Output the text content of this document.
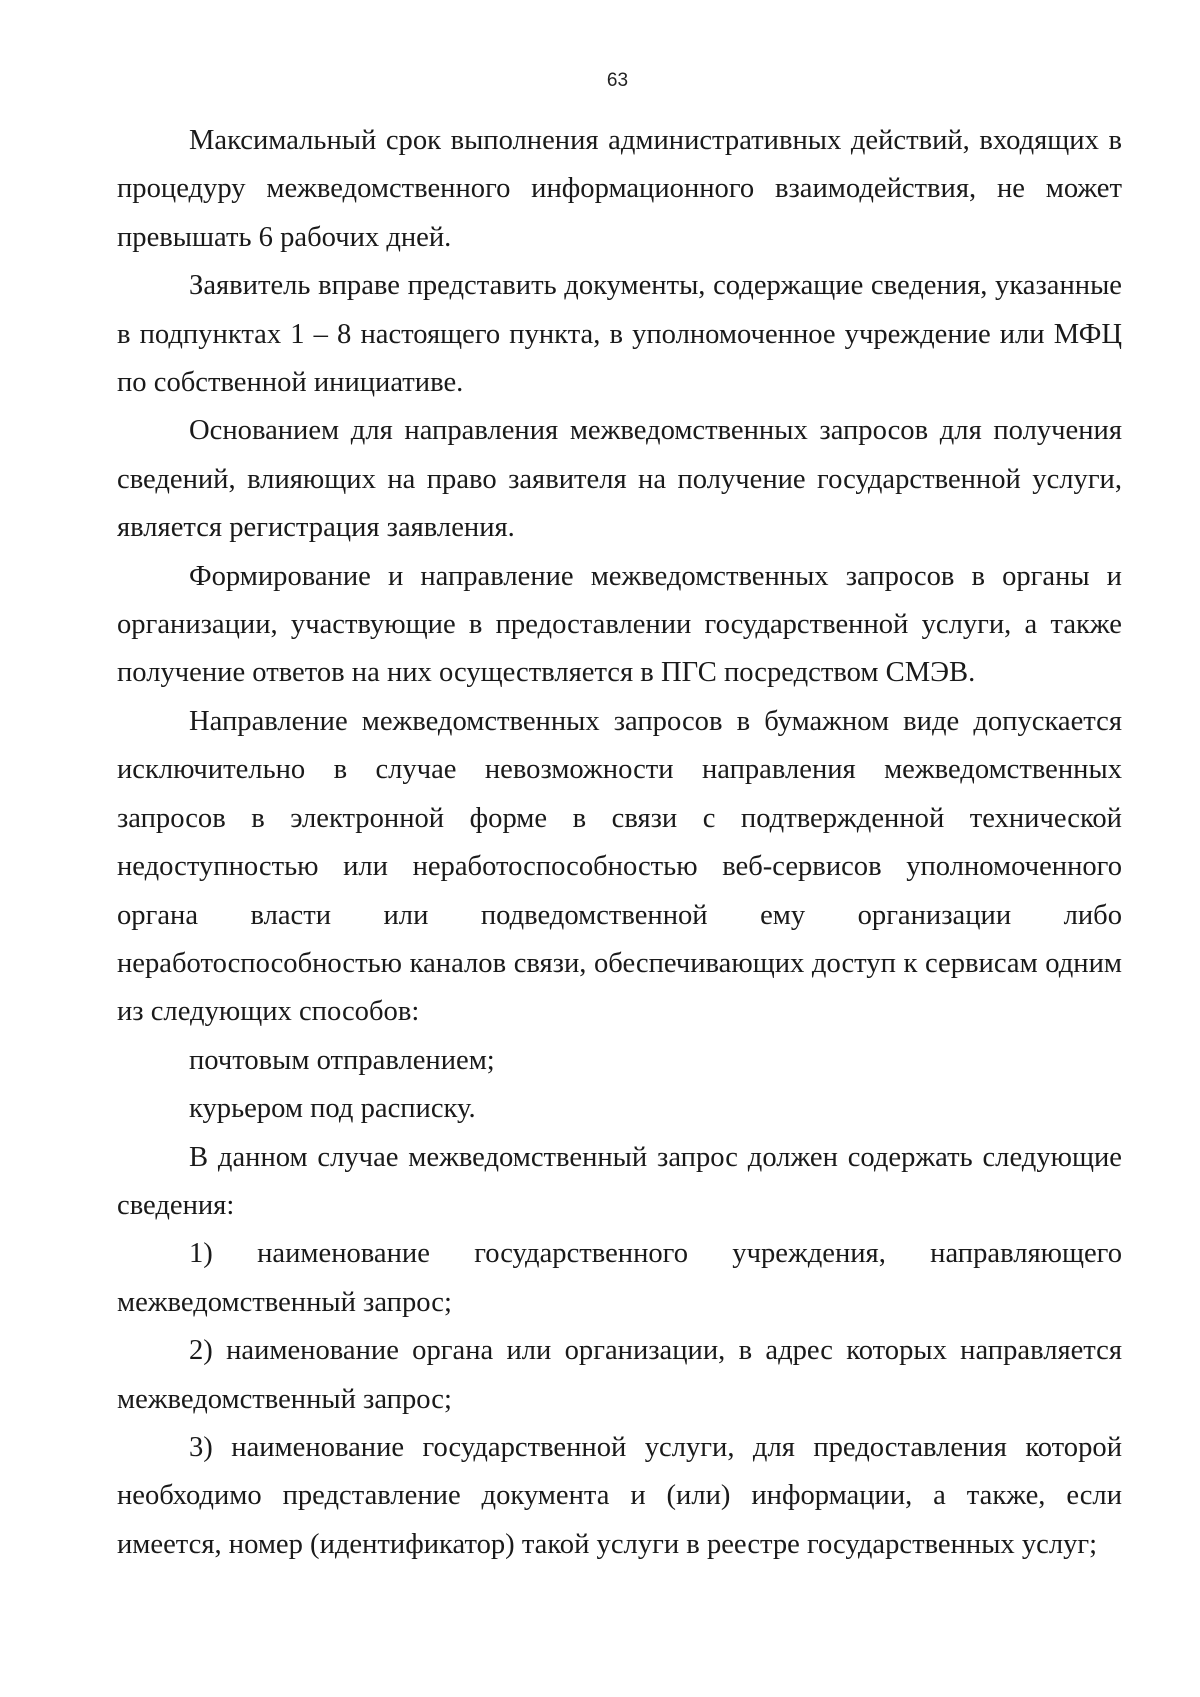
63

Максимальный срок выполнения административных действий, входящих в процедуру межведомственного информационного взаимодействия, не может превышать 6 рабочих дней.

Заявитель вправе представить документы, содержащие сведения, указанные в подпунктах 1 – 8 настоящего пункта, в уполномоченное учреждение или МФЦ по собственной инициативе.

Основанием для направления межведомственных запросов для получения сведений, влияющих на право заявителя на получение государственной услуги, является регистрация заявления.

Формирование и направление межведомственных запросов в органы и организации, участвующие в предоставлении государственной услуги, а также получение ответов на них осуществляется в ПГС посредством СМЭВ.

Направление межведомственных запросов в бумажном виде допускается исключительно в случае невозможности направления межведомственных запросов в электронной форме в связи с подтвержденной технической недоступностью или неработоспособностью веб-сервисов уполномоченного органа власти или подведомственной ему организации либо неработоспособностью каналов связи, обеспечивающих доступ к сервисам одним из следующих способов:

почтовым отправлением;

курьером под расписку.

В данном случае межведомственный запрос должен содержать следующие сведения:

1) наименование государственного учреждения, направляющего межведомственный запрос;

2) наименование органа или организации, в адрес которых направляется межведомственный запрос;

3) наименование государственной услуги, для предоставления которой необходимо представление документа и (или) информации, а также, если имеется, номер (идентификатор) такой услуги в реестре государственных услуг;
